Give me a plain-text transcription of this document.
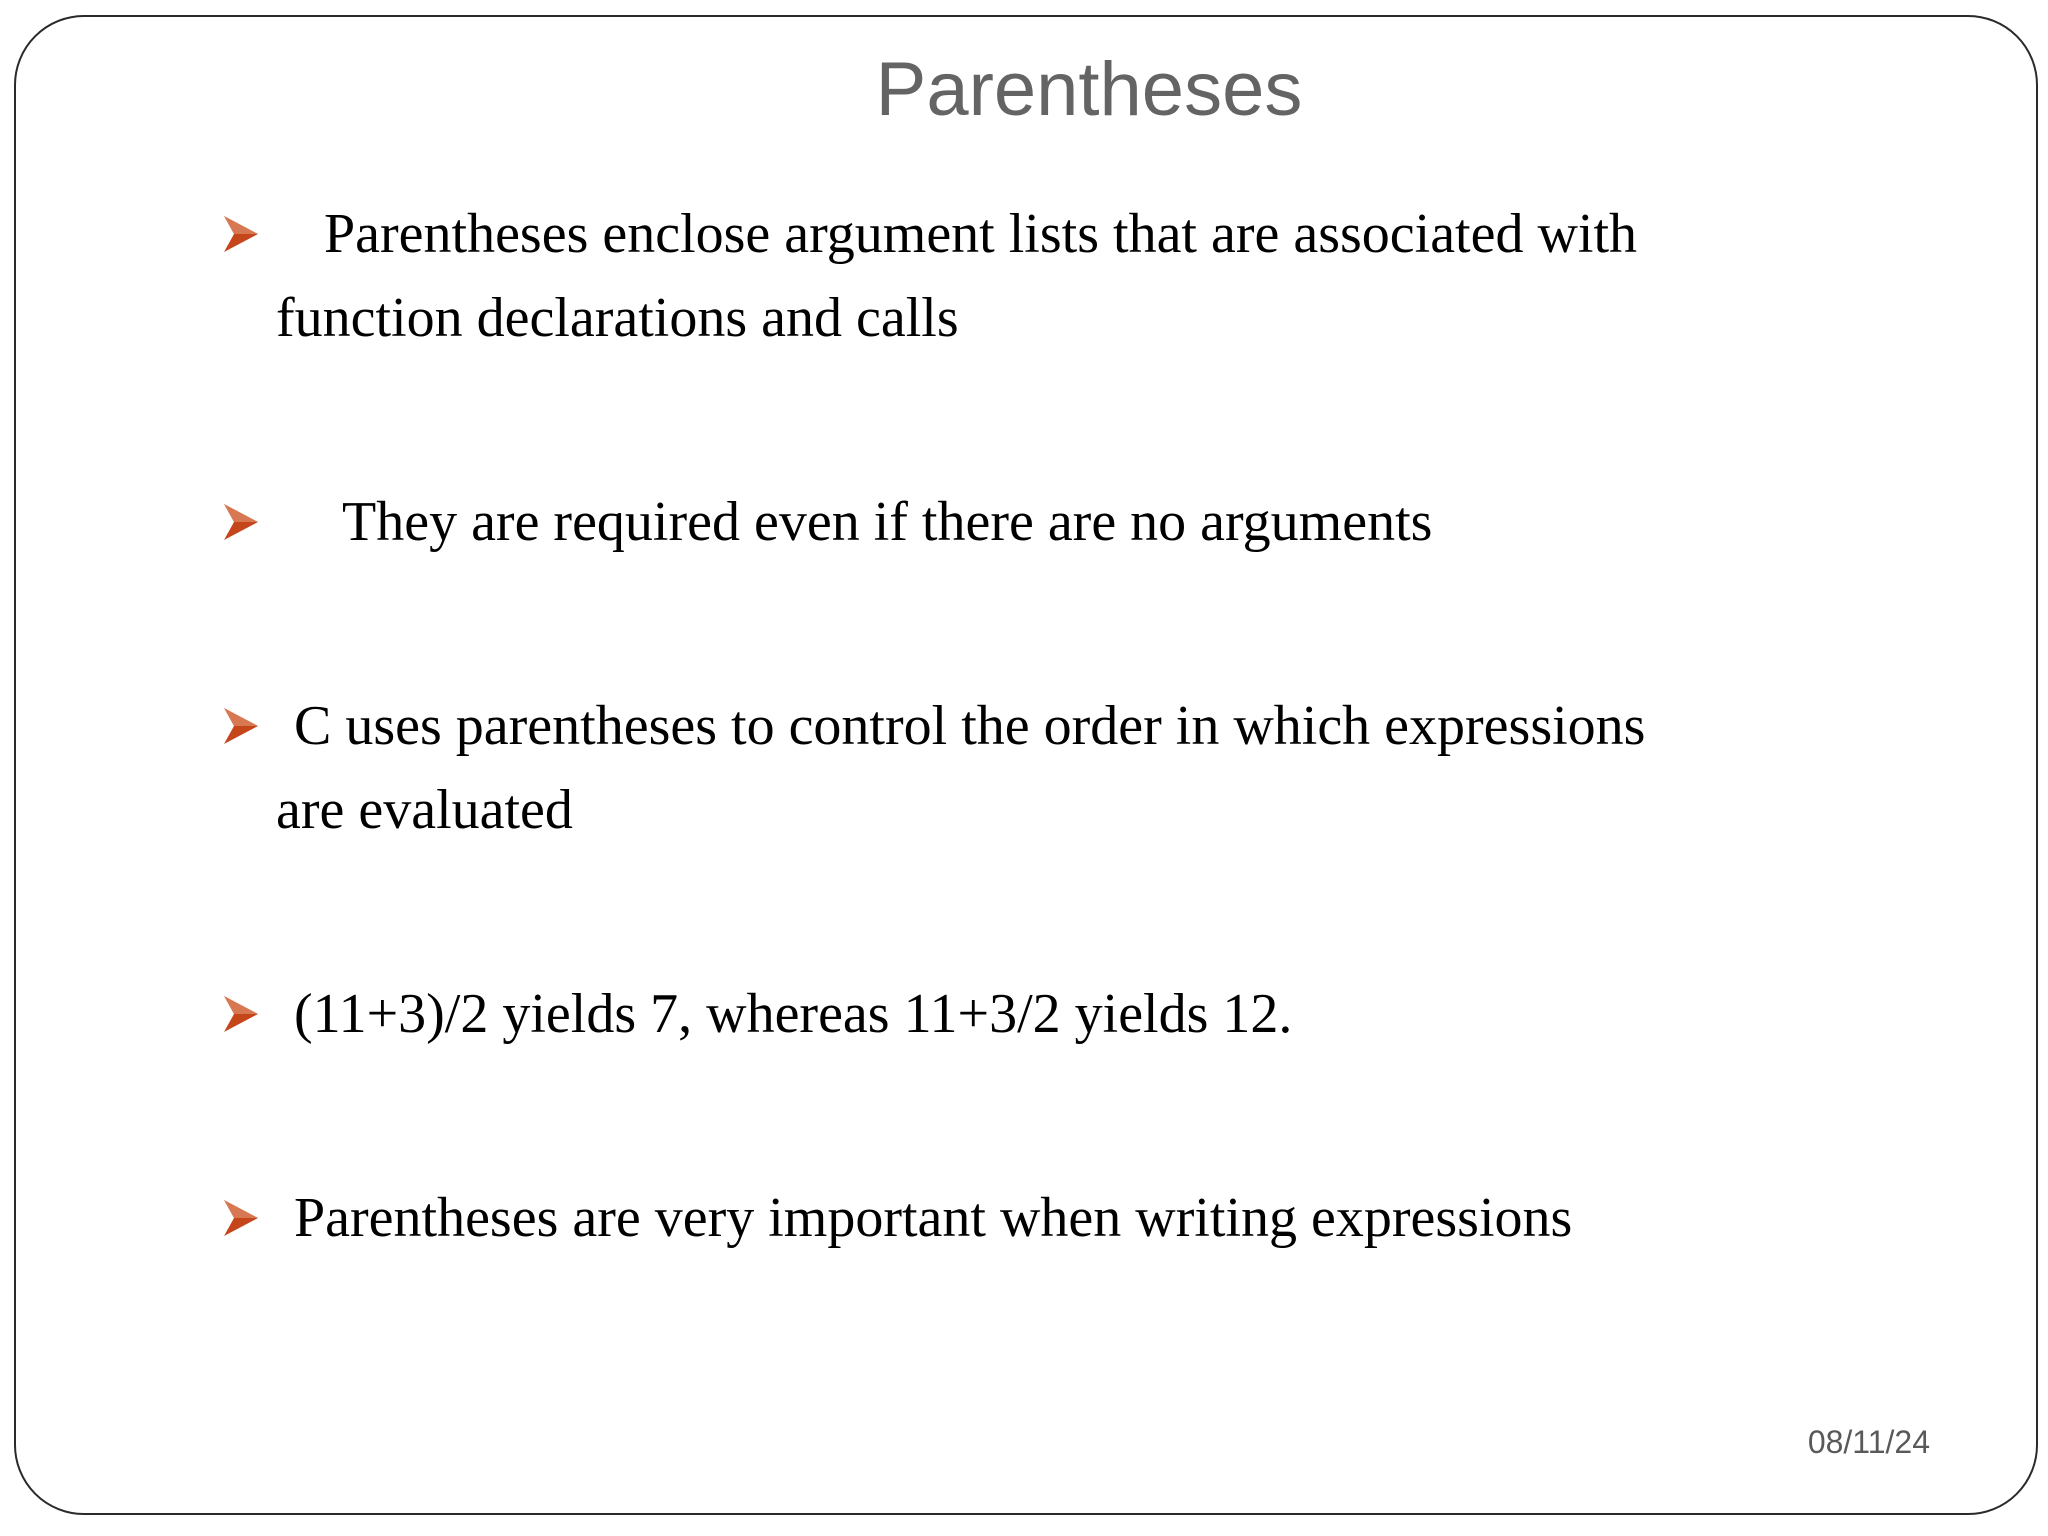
Parentheses
Parentheses enclose argument lists that are associated with
function declarations and calls
They are required even if there are no arguments
C uses parentheses to control the order in which expressions
are evaluated
(11+3)/2 yields 7, whereas 11+3/2 yields 12.
Parentheses are very important when writing expressions
08/11/24
